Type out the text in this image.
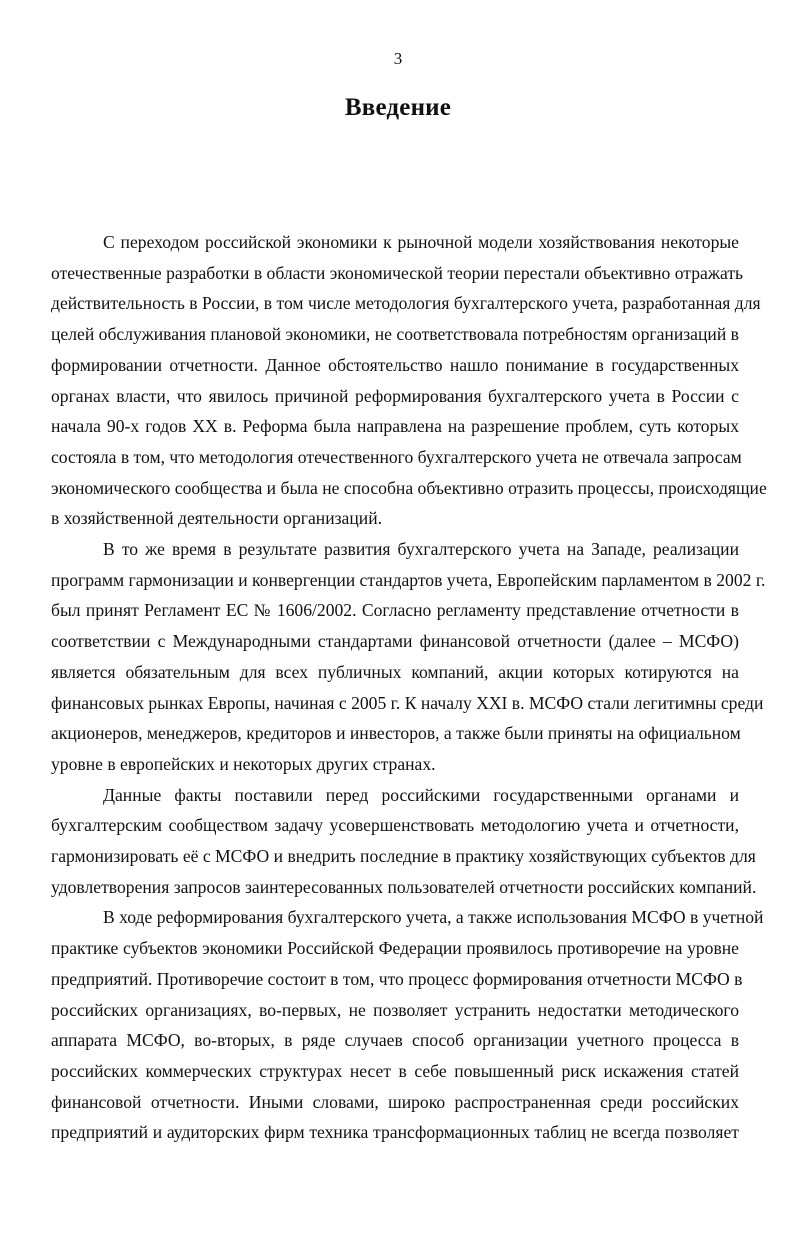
3
Введение
С переходом российской экономики к рыночной модели хозяйствования некоторые
отечественные разработки в области экономической теории перестали объективно отражать
действительность в России, в том числе методология бухгалтерского учета, разработанная для
целей обслуживания плановой экономики, не соответствовала потребностям организаций в
формировании отчетности. Данное обстоятельство нашло понимание в государственных
органах власти, что явилось причиной реформирования бухгалтерского учета в России с
начала 90-х годов XX в. Реформа была направлена на разрешение проблем, суть которых
состояла в том, что методология отечественного бухгалтерского учета не отвечала запросам
экономического сообщества и была не способна объективно отразить процессы, происходящие
в хозяйственной деятельности организаций.
В то же время в результате развития бухгалтерского учета на Западе, реализации
программ гармонизации и конвергенции стандартов учета, Европейским парламентом в 2002 г.
был принят Регламент ЕС № 1606/2002. Согласно регламенту представление отчетности в
соответствии с Международными стандартами финансовой отчетности (далее – МСФО)
является обязательным для всех публичных компаний, акции которых котируются на
финансовых рынках Европы, начиная с 2005 г. К началу XXI в. МСФО стали легитимны среди
акционеров, менеджеров, кредиторов и инвесторов, а также были приняты на официальном
уровне в европейских и некоторых других странах.
Данные факты поставили перед российскими государственными органами и
бухгалтерским сообществом задачу усовершенствовать методологию учета и отчетности,
гармонизировать её с МСФО и внедрить последние в практику хозяйствующих субъектов для
удовлетворения запросов заинтересованных пользователей отчетности российских компаний.
В ходе реформирования бухгалтерского учета, а также использования МСФО в учетной
практике субъектов экономики Российской Федерации проявилось противоречие на уровне
предприятий. Противоречие состоит в том, что процесс формирования отчетности МСФО в
российских организациях, во-первых, не позволяет устранить недостатки методического
аппарата МСФО, во-вторых, в ряде случаев способ организации учетного процесса в
российских коммерческих структурах несет в себе повышенный риск искажения статей
финансовой отчетности. Иными словами, широко распространенная среди российских
предприятий и аудиторских фирм техника трансформационных таблиц не всегда позволяет
